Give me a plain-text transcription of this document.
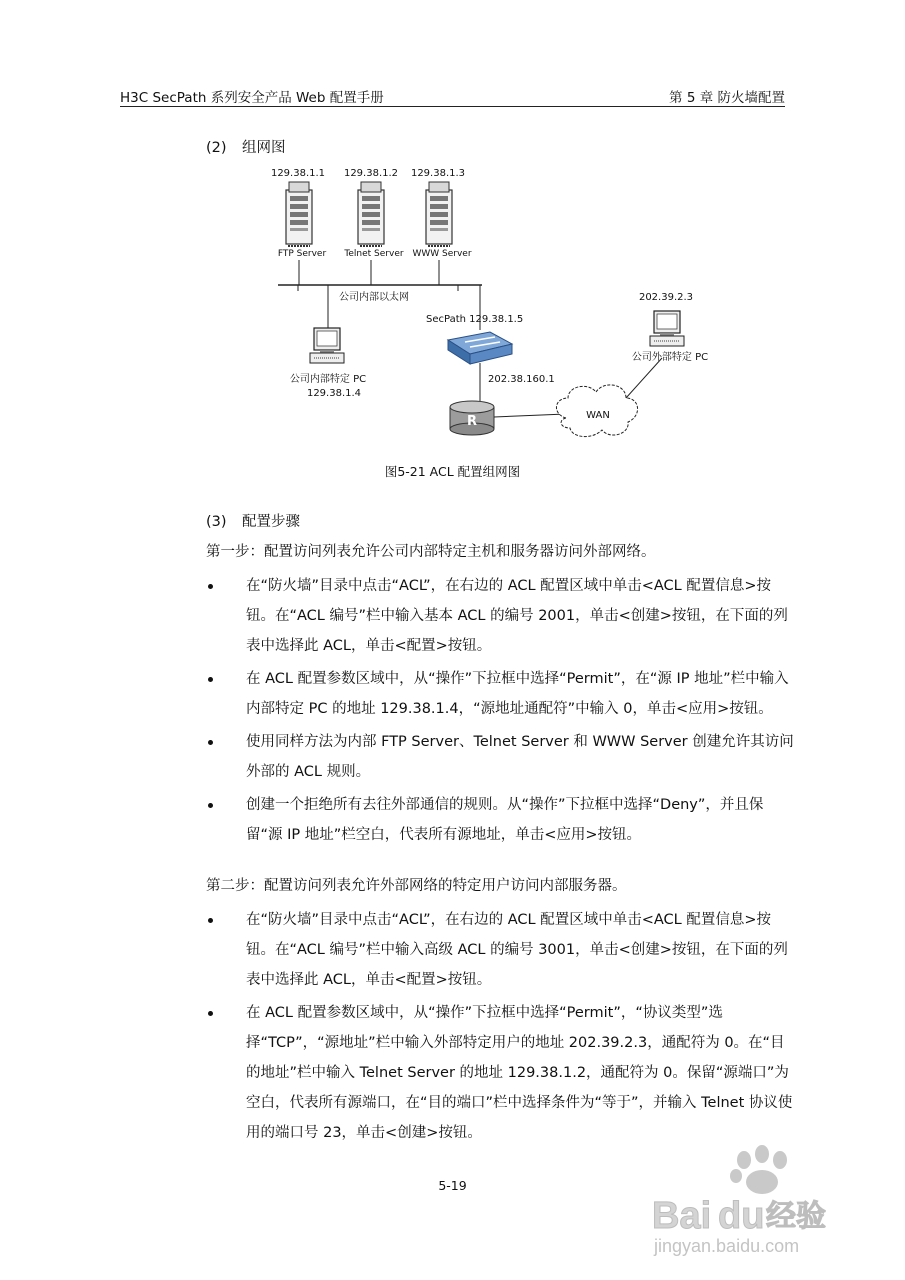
H3C SecPath 系列安全产品 Web 配置手册	第 5 章 防火墙配置
(2) 组网图
129.38.1.1 129.38.1.2 129.38.1.3
FTP Server Telnet Server WWW Server
公司内部以太网
公司内部特定 PC
129.38.1.4
SecPath 129.38.1.5
202.38.160.1
R	WAN
202.39.2.3
公司外部特定 PC
图5-21 ACL 配置组网图
(3) 配置步骤
第一步：配置访问列表允许公司内部特定主机和服务器访问外部网络。
在“防火墙”目录中点击“ACL”，在右边的 ACL 配置区域中单击<ACL 配置信息>按钮。在“ACL 编号”栏中输入基本 ACL 的编号 2001，单击<创建>按钮，在下面的列表中选择此 ACL，单击<配置>按钮。
在 ACL 配置参数区域中，从“操作”下拉框中选择“Permit”，在“源 IP 地址”栏中输入内部特定 PC 的地址 129.38.1.4，“源地址通配符”中输入 0，单击<应用>按钮。
使用同样方法为内部 FTP Server、Telnet Server 和 WWW Server 创建允许其访问外部的 ACL 规则。
创建一个拒绝所有去往外部通信的规则。从“操作”下拉框中选择“Deny”，并且保留“源 IP 地址”栏空白，代表所有源地址，单击<应用>按钮。
第二步：配置访问列表允许外部网络的特定用户访问内部服务器。
在“防火墙”目录中点击“ACL”，在右边的 ACL 配置区域中单击<ACL 配置信息>按钮。在“ACL 编号”栏中输入高级 ACL 的编号 3001，单击<创建>按钮，在下面的列表中选择此 ACL，单击<配置>按钮。
在 ACL 配置参数区域中，从“操作”下拉框中选择“Permit”，“协议类型”选择“TCP”，“源地址”栏中输入外部特定用户的地址 202.39.2.3，通配符为 0。在“目的地址”栏中输入 Telnet Server 的地址 129.38.1.2，通配符为 0。保留“源端口”为空白，代表所有源端口，在“目的端口”栏中选择条件为“等于”，并输入 Telnet 协议使用的端口号 23，单击<创建>按钮。
5-19
Bai du 经验
jingyan.baidu.com
